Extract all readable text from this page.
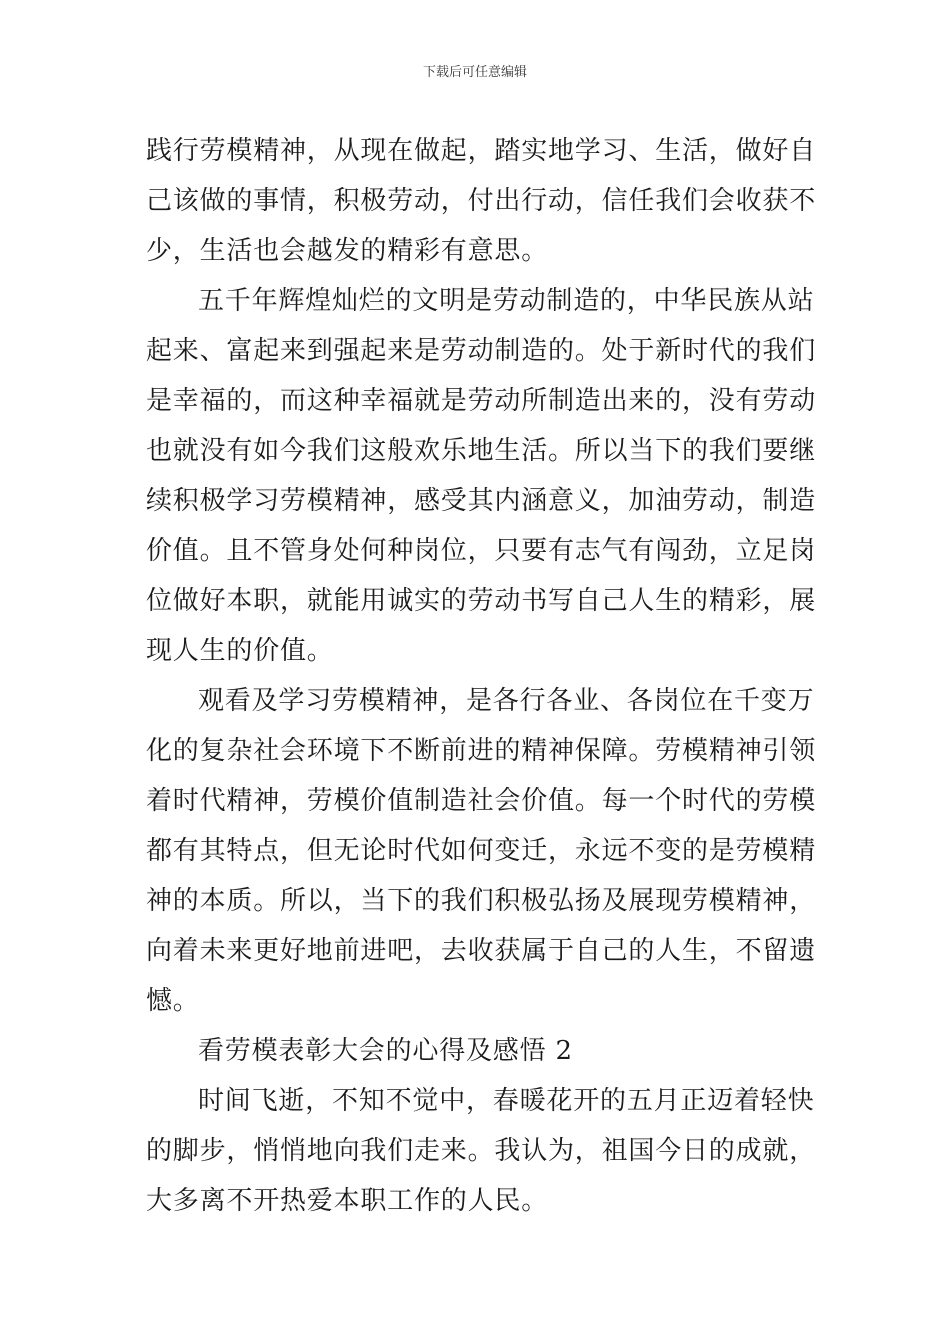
下载后可任意编辑
践行劳模精神，从现在做起，踏实地学习、生活，做好自
己该做的事情，积极劳动，付出行动，信任我们会收获不
少，生活也会越发的精彩有意思。
五千年辉煌灿烂的文明是劳动制造的，中华民族从站
起来、富起来到强起来是劳动制造的。处于新时代的我们
是幸福的，而这种幸福就是劳动所制造出来的，没有劳动
也就没有如今我们这般欢乐地生活。所以当下的我们要继
续积极学习劳模精神，感受其内涵意义，加油劳动，制造
价值。且不管身处何种岗位，只要有志气有闯劲，立足岗
位做好本职，就能用诚实的劳动书写自己人生的精彩，展
现人生的价值。
观看及学习劳模精神，是各行各业、各岗位在千变万
化的复杂社会环境下不断前进的精神保障。劳模精神引领
着时代精神，劳模价值制造社会价值。每一个时代的劳模
都有其特点，但无论时代如何变迁，永远不变的是劳模精
神的本质。所以，当下的我们积极弘扬及展现劳模精神，
向着未来更好地前进吧，去收获属于自己的人生，不留遗
憾。
看劳模表彰大会的心得及感悟 2
时间飞逝，不知不觉中，春暖花开的五月正迈着轻快
的脚步，悄悄地向我们走来。我认为，祖国今日的成就，
大多离不开热爱本职工作的人民。
